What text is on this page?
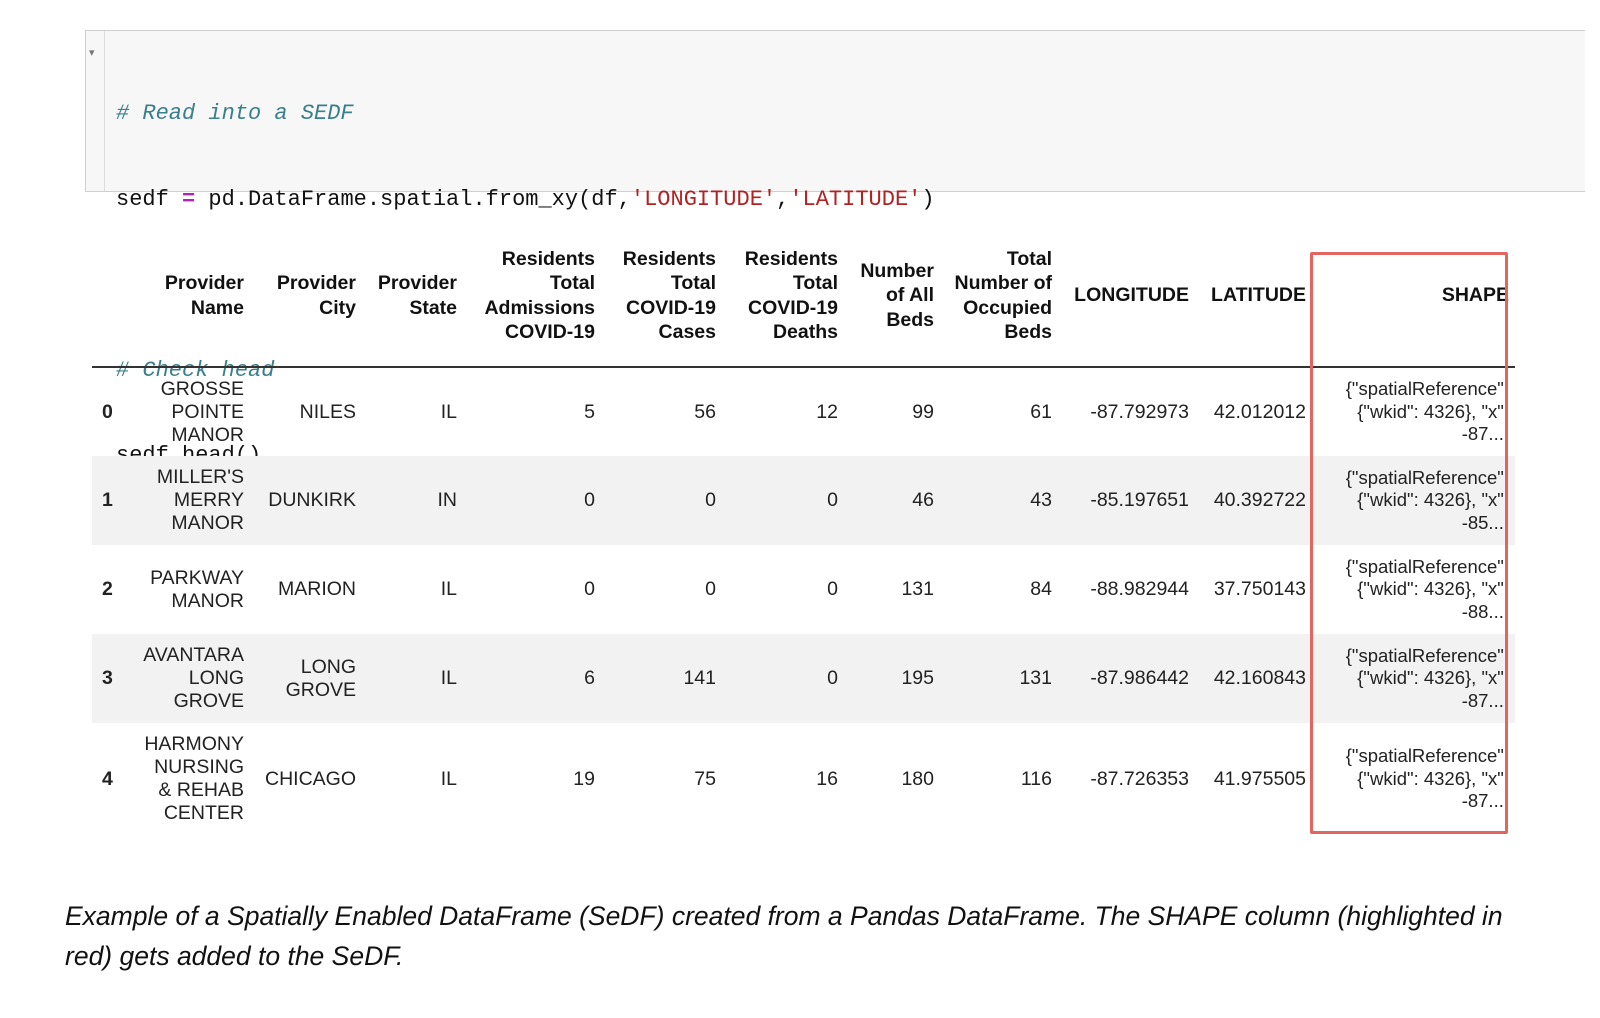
▾

# Read into a SEDF

sedf = pd.DataFrame.spatial.from_xy(df,'LONGITUDE','LATITUDE')

# Check head

	Provider Name	Provider City	Provider State	Residents Total Admissions COVID-19	Residents Total COVID-19 Cases	Residents Total COVID-19 Deaths	Number of All Beds	Total Number of Occupied Beds	LONGITUDE	LATITUDE	SHAPE
0	GROSSE POINTE MANOR	NILES	IL	5	56	12	99	61	-87.792973	42.012012	{"spatialReference": {"wkid": 4326}, "x": -87....
1	MILLER'S MERRY MANOR	DUNKIRK	IN	0	0	0	46	43	-85.197651	40.392722	{"spatialReference": {"wkid": 4326}, "x": -85....
2	PARKWAY MANOR	MARION	IL	0	0	0	131	84	-88.982944	37.750143	{"spatialReference": {"wkid": 4326}, "x": -88....
3	AVANTARA LONG GROVE	LONG GROVE	IL	6	141	0	195	131	-87.986442	42.160843	{"spatialReference": {"wkid": 4326}, "x": -87....
4	HARMONY NURSING & REHAB CENTER	CHICAGO	IL	19	75	16	180	116	-87.726353	41.975505	{"spatialReference": {"wkid": 4326}, "x": -87....
Example of a Spatially Enabled DataFrame (SeDF) created from a Pandas DataFrame. The SHAPE column (highlighted in red) gets added to the SeDF.
